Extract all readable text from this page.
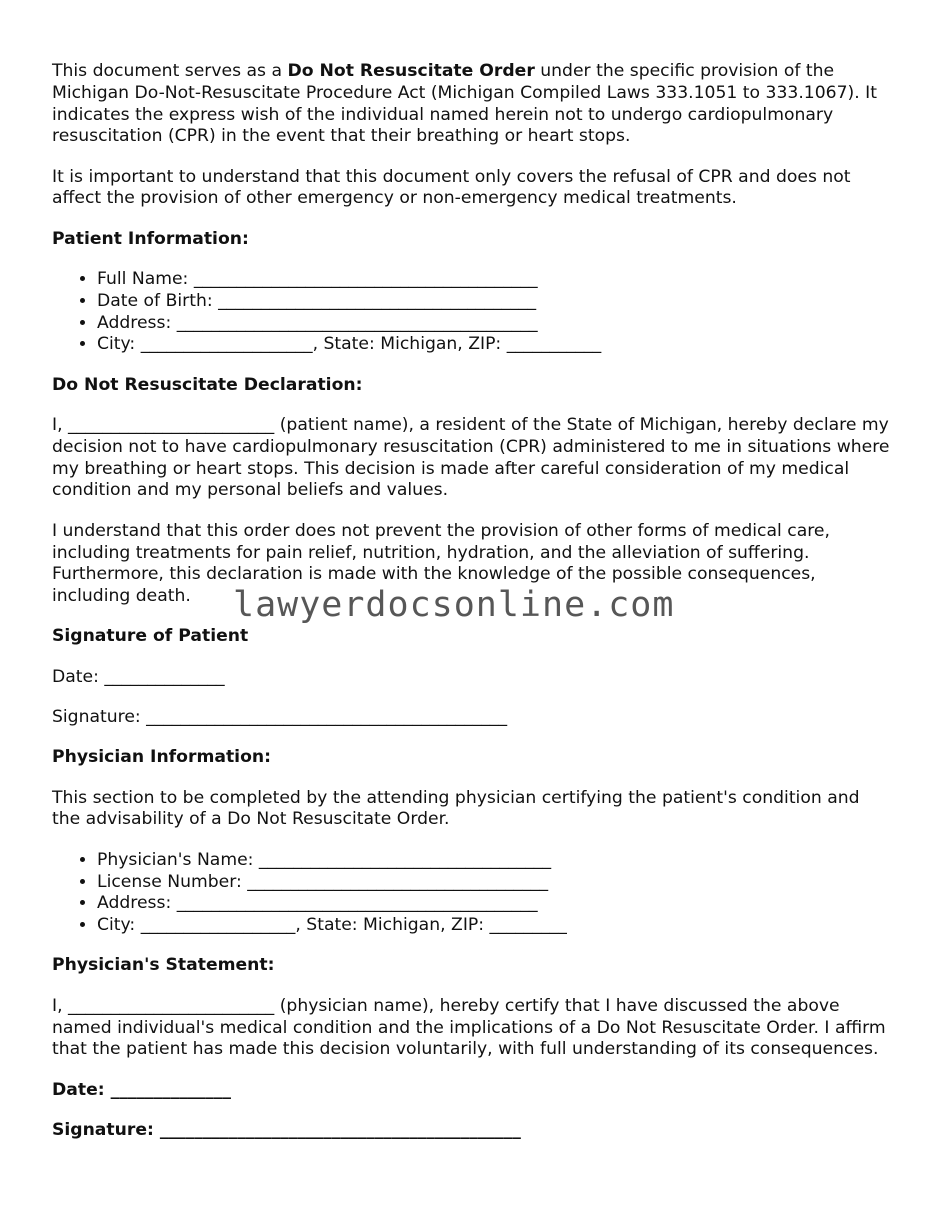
This document serves as a Do Not Resuscitate Order under the specific provision of the Michigan Do-Not-Resuscitate Procedure Act (Michigan Compiled Laws 333.1051 to 333.1067). It indicates the express wish of the individual named herein not to undergo cardiopulmonary resuscitation (CPR) in the event that their breathing or heart stops.

It is important to understand that this document only covers the refusal of CPR and does not affect the provision of other emergency or non-emergency medical treatments.

Patient Information:
• Full Name: ________________________________________
• Date of Birth: _____________________________________
• Address: __________________________________________
• City: ____________________, State: Michigan, ZIP: ___________
Do Not Resuscitate Declaration:

I, ________________________ (patient name), a resident of the State of Michigan, hereby declare my decision not to have cardiopulmonary resuscitation (CPR) administered to me in situations where my breathing or heart stops. This decision is made after careful consideration of my medical condition and my personal beliefs and values.

I understand that this order does not prevent the provision of other forms of medical care, including treatments for pain relief, nutrition, hydration, and the alleviation of suffering. Furthermore, this declaration is made with the knowledge of the possible consequences, including death.

Signature of Patient

Date: ______________

Signature: __________________________________________

Physician Information:

This section to be completed by the attending physician certifying the patient's condition and the advisability of a Do Not Resuscitate Order.

• Physician's Name: __________________________________
• License Number: ___________________________________
• Address: __________________________________________
• City: __________________, State: Michigan, ZIP: _________
Physician's Statement:

I, ________________________ (physician name), hereby certify that I have discussed the above named individual's medical condition and the implications of a Do Not Resuscitate Order. I affirm that the patient has made this decision voluntarily, with full understanding of its consequences.

Date: ______________

Signature: __________________________________________

lawyerdocsonline.com
